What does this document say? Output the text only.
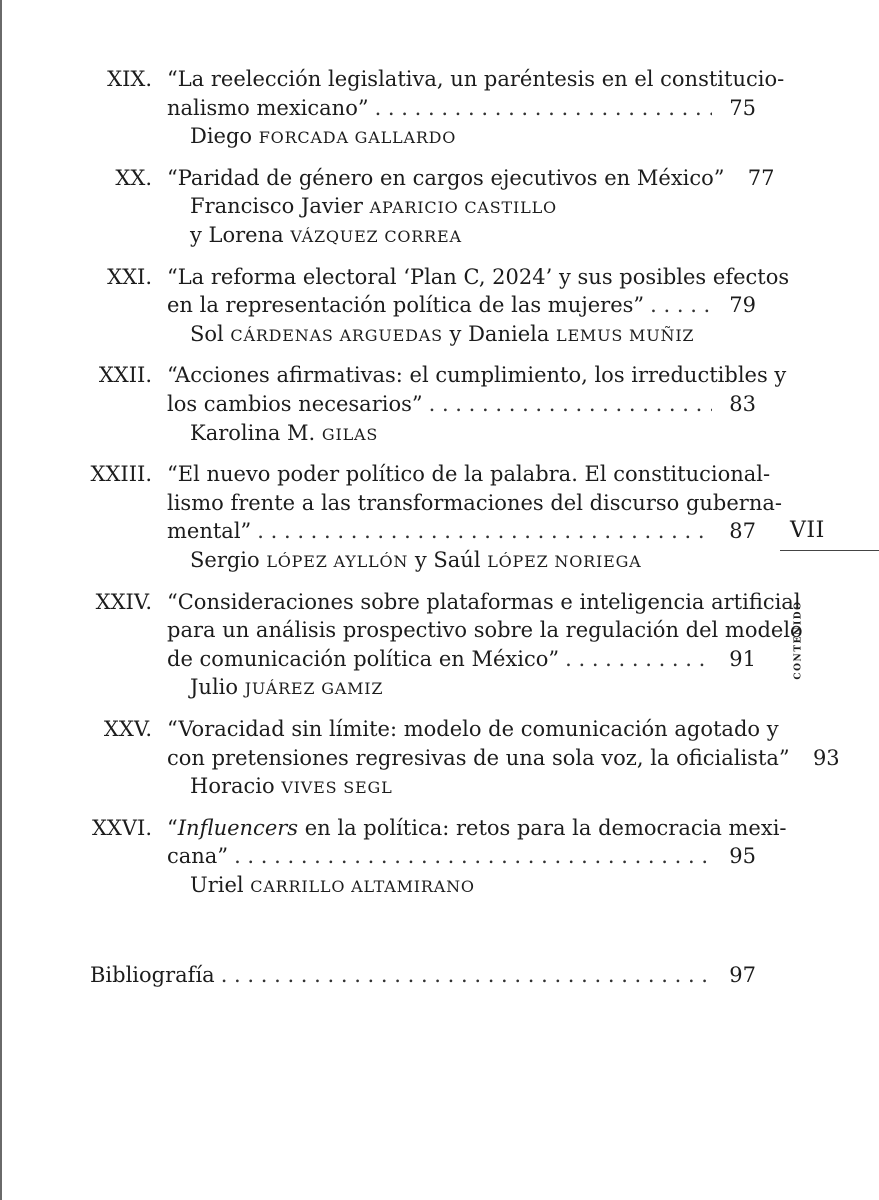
XIX. “La reelección legislativa, un paréntesis en el constitucio-
nalismo mexicano” . . .	75
Diego FORCADA GALLARDO
XX. “Paridad de género en cargos ejecutivos en México”	77
Francisco Javier APARICIO CASTILLO
y Lorena VÁZQUEZ CORREA
XXI. “La reforma electoral ‘Plan C, 2024’ y sus posibles efectos
en la representación política de las mujeres” . . .	79
Sol CÁRDENAS ARGUEDAS y Daniela LEMUS MUÑIZ
XXII. “Acciones afirmativas: el cumplimiento, los irreductibles y
los cambios necesarios” . . .	83
Karolina M. GILAS
XXIII. “El nuevo poder político de la palabra. El constitucional-
lismo frente a las transformaciones del discurso guberna-
mental” . . .	87
Sergio LÓPEZ AYLLÓN y Saúl LÓPEZ NORIEGA
XXIV. “Consideraciones sobre plataformas e inteligencia artificial
para un análisis prospectivo sobre la regulación del modelo
de comunicación política en México” . . .	91
Julio JUÁREZ GAMIZ
XXV. “Voracidad sin límite: modelo de comunicación agotado y
con pretensiones regresivas de una sola voz, la oficialista”	93
Horacio VIVES SEGL
XXVI. “Influencers en la política: retos para la democracia mexi-
cana” . . .	95
Uriel CARRILLO ALTAMIRANO
Bibliografía . . .	97
VII
contenido
